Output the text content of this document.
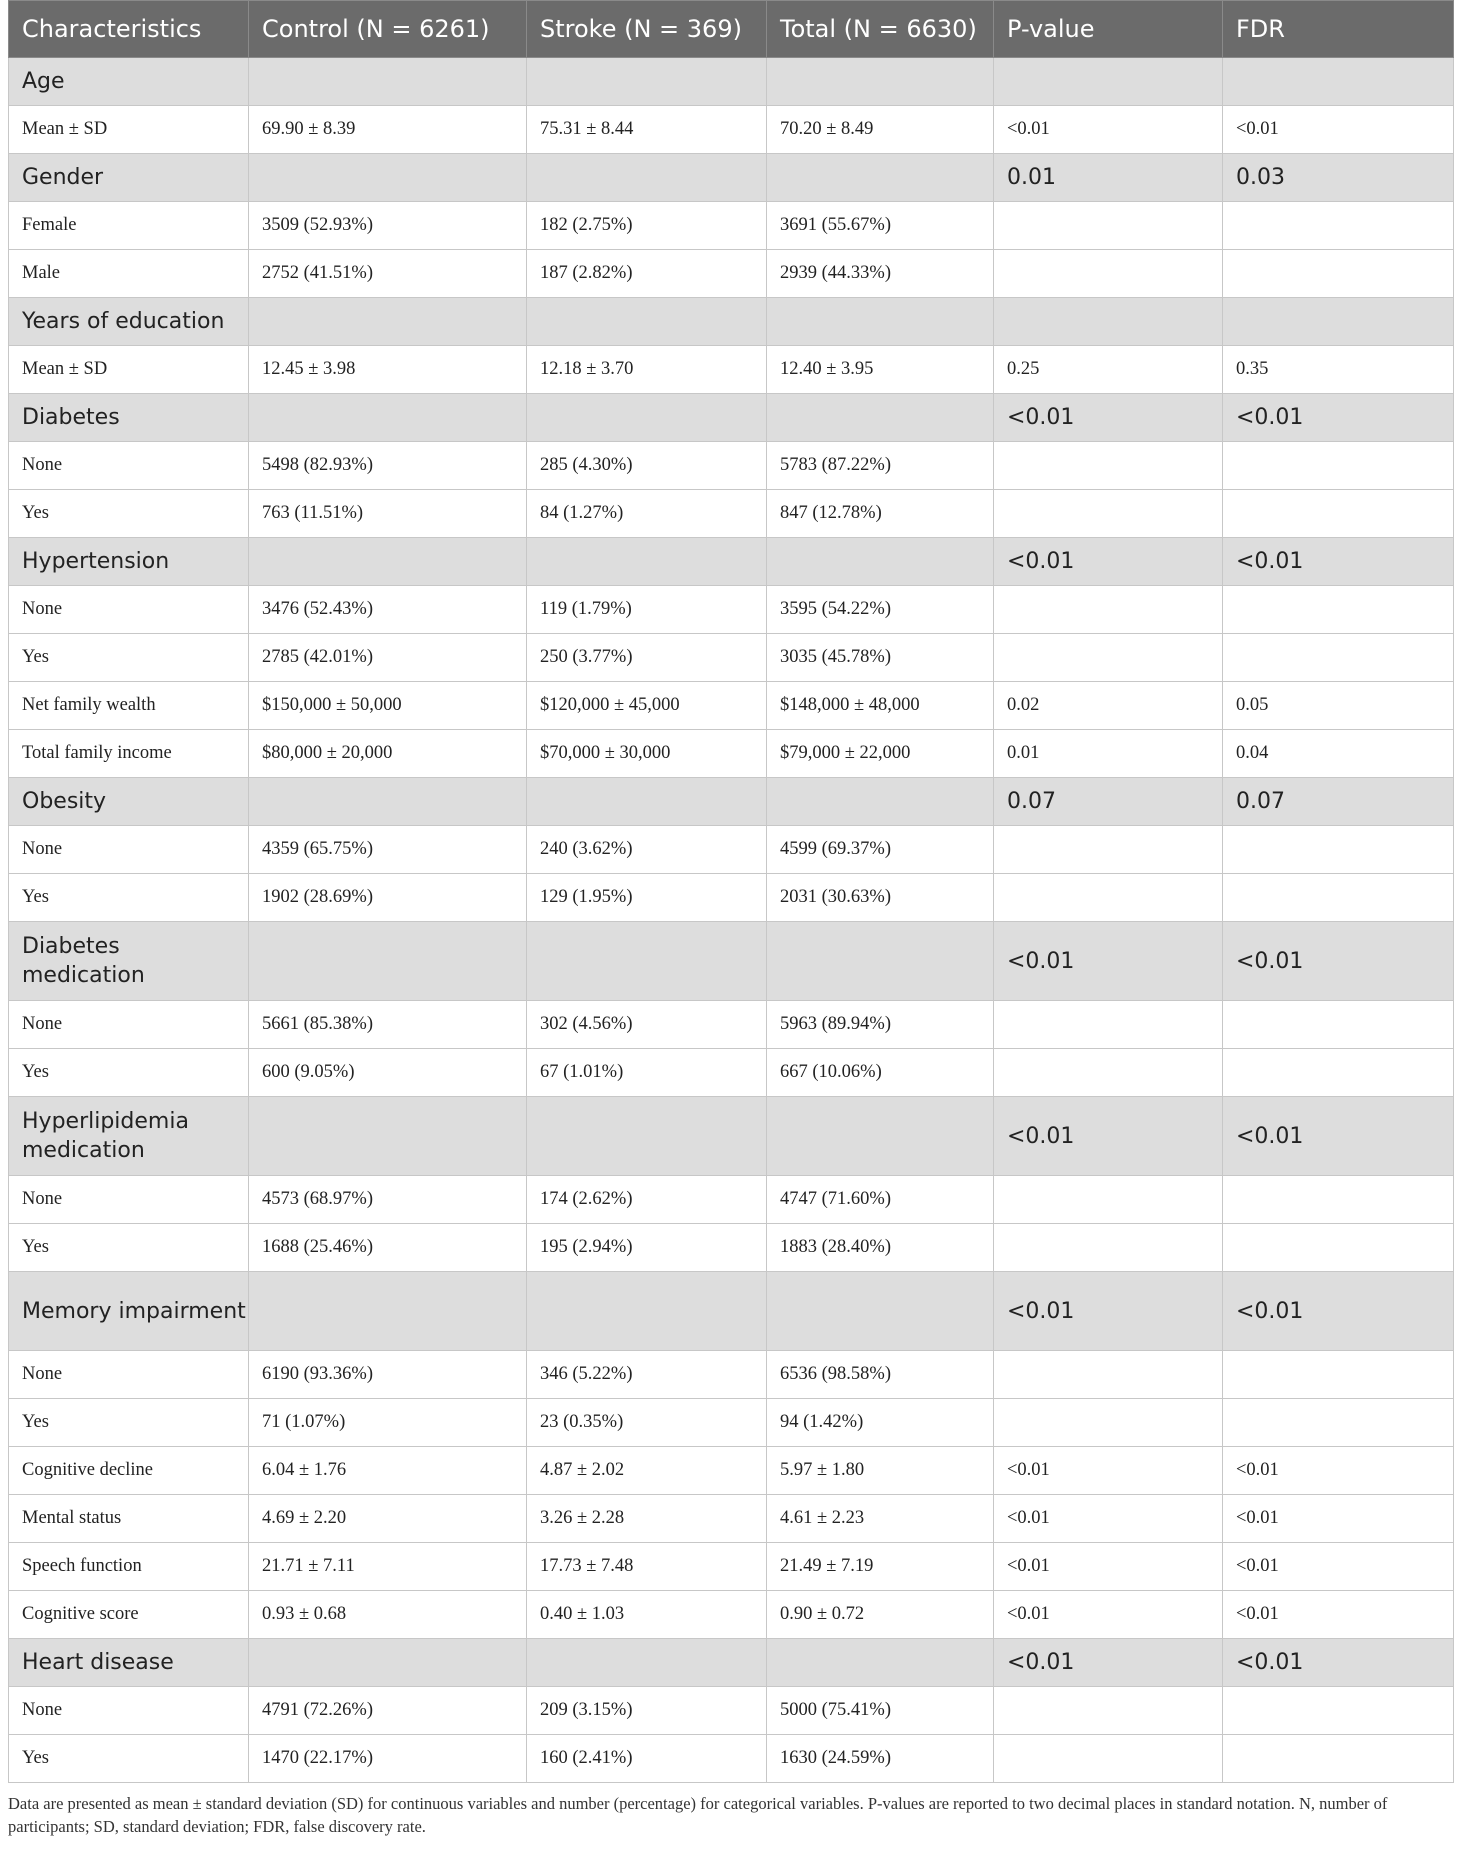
Characteristics	Control (N = 6261)	Stroke (N = 369)	Total (N = 6630)	P-value	FDR
Age					
Mean ± SD	69.90 ± 8.39	75.31 ± 8.44	70.20 ± 8.49	<0.01	<0.01
Gender				0.01	0.03
Female	3509 (52.93%)	182 (2.75%)	3691 (55.67%)		
Male	2752 (41.51%)	187 (2.82%)	2939 (44.33%)		
Years of education					
Mean ± SD	12.45 ± 3.98	12.18 ± 3.70	12.40 ± 3.95	0.25	0.35
Diabetes				<0.01	<0.01
None	5498 (82.93%)	285 (4.30%)	5783 (87.22%)		
Yes	763 (11.51%)	84 (1.27%)	847 (12.78%)		
Hypertension				<0.01	<0.01
None	3476 (52.43%)	119 (1.79%)	3595 (54.22%)		
Yes	2785 (42.01%)	250 (3.77%)	3035 (45.78%)		
Net family wealth	$150,000 ± 50,000	$120,000 ± 45,000	$148,000 ± 48,000	0.02	0.05
Total family income	$80,000 ± 20,000	$70,000 ± 30,000	$79,000 ± 22,000	0.01	0.04
Obesity				0.07	0.07
None	4359 (65.75%)	240 (3.62%)	4599 (69.37%)		
Yes	1902 (28.69%)	129 (1.95%)	2031 (30.63%)		
Diabetes medication				<0.01	<0.01
None	5661 (85.38%)	302 (4.56%)	5963 (89.94%)		
Yes	600 (9.05%)	67 (1.01%)	667 (10.06%)		
Hyperlipidemia medication				<0.01	<0.01
None	4573 (68.97%)	174 (2.62%)	4747 (71.60%)		
Yes	1688 (25.46%)	195 (2.94%)	1883 (28.40%)		
Memory impairment				<0.01	<0.01
None	6190 (93.36%)	346 (5.22%)	6536 (98.58%)		
Yes	71 (1.07%)	23 (0.35%)	94 (1.42%)		
Cognitive decline	6.04 ± 1.76	4.87 ± 2.02	5.97 ± 1.80	<0.01	<0.01
Mental status	4.69 ± 2.20	3.26 ± 2.28	4.61 ± 2.23	<0.01	<0.01
Speech function	21.71 ± 7.11	17.73 ± 7.48	21.49 ± 7.19	<0.01	<0.01
Cognitive score	0.93 ± 0.68	0.40 ± 1.03	0.90 ± 0.72	<0.01	<0.01
Heart disease				<0.01	<0.01
None	4791 (72.26%)	209 (3.15%)	5000 (75.41%)		
Yes	1470 (22.17%)	160 (2.41%)	1630 (24.59%)		
Data are presented as mean ± standard deviation (SD) for continuous variables and number (percentage) for categorical variables. P-values are reported to two decimal places in standard notation. N, number of participants; SD, standard deviation; FDR, false discovery rate.
